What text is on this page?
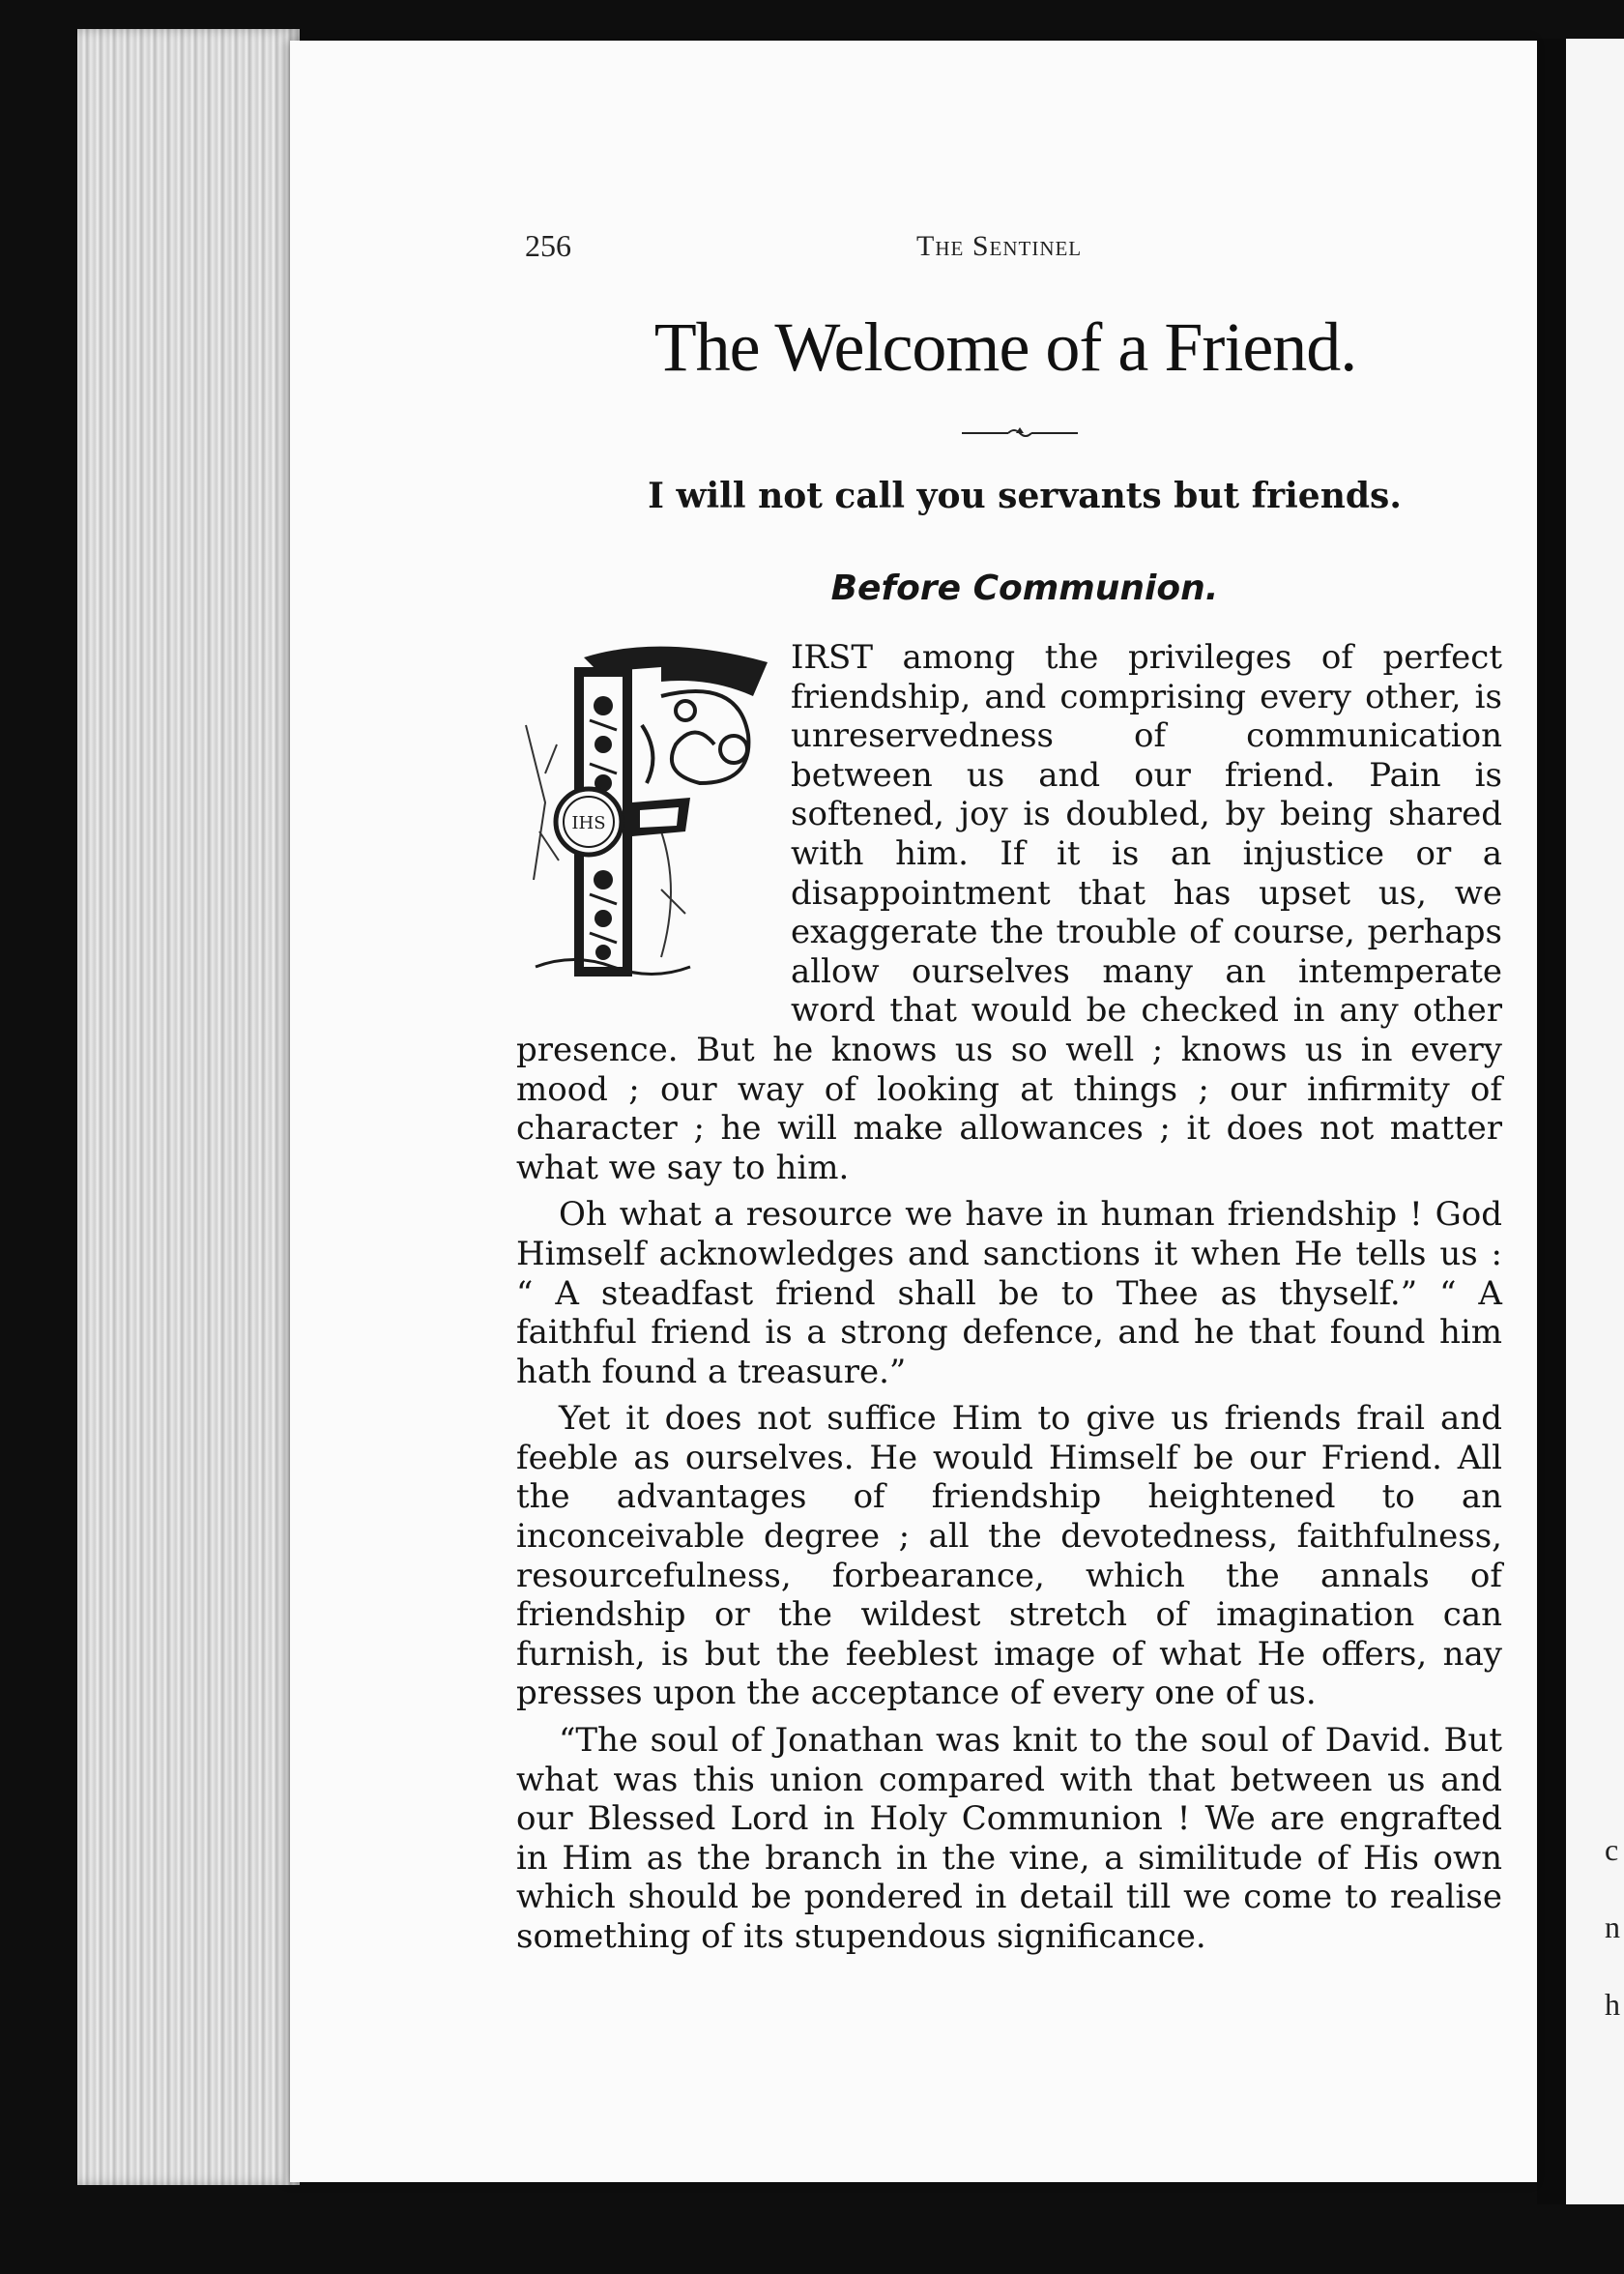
c
n
h
256	The Sentinel
The Welcome of a Friend.
I will not call you servants but friends.
Before Communion.

IHS
IRST among the privileges of perfect friendship, and comprising every other, is unreservedness of communication between us and our friend. Pain is softened, joy is doubled, by being shared with him. If it is an injustice or a disappointment that has upset us, we exaggerate the trouble of course, perhaps allow ourselves many an intemperate word that would be checked in any other presence. But he knows us so well ; knows us in every mood ; our way of looking at things ; our infirmity of character ; he will make allowances ; it does not matter what we say to him.

Oh what a resource we have in human friendship ! God Himself acknowledges and sanctions it when He tells us : “ A steadfast friend shall be to Thee as thyself.” “ A faithful friend is a strong defence, and he that found him hath found a treasure.”

Yet it does not suffice Him to give us friends frail and feeble as ourselves. He would Himself be our Friend. All the advantages of friendship heightened to an inconceivable degree ; all the devotedness, faithfulness, resourcefulness, forbearance, which the annals of friendship or the wildest stretch of imagination can furnish, is but the feeblest image of what He offers, nay presses upon the acceptance of every one of us.

“The soul of Jonathan was knit to the soul of David. But what was this union compared with that between us and our Blessed Lord in Holy Communion ! We are engrafted in Him as the branch in the vine, a similitude of His own which should be pondered in detail till we come to realise something of its stupendous significance.
